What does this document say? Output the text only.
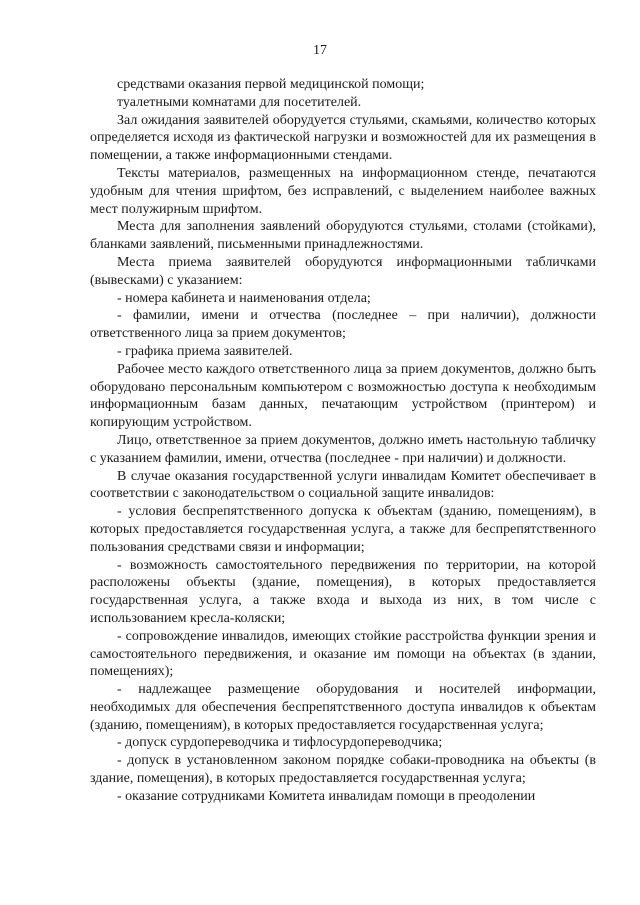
17

средствами оказания первой медицинской помощи;

туалетными комнатами для посетителей.

Зал ожидания заявителей оборудуется стульями, скамьями, количество которых определяется исходя из фактической нагрузки и возможностей для их размещения в помещении, а также информационными стендами.

Тексты материалов, размещенных на информационном стенде, печатаются удобным для чтения шрифтом, без исправлений, с выделением наиболее важных мест полужирным шрифтом.

Места для заполнения заявлений оборудуются стульями, столами (стойками), бланками заявлений, письменными принадлежностями.

Места приема заявителей оборудуются информационными табличками (вывесками) с указанием:

- номера кабинета и наименования отдела;

- фамилии, имени и отчества (последнее – при наличии), должности ответственного лица за прием документов;

- графика приема заявителей.

Рабочее место каждого ответственного лица за прием документов, должно быть оборудовано персональным компьютером с возможностью доступа к необходимым информационным базам данных, печатающим устройством (принтером) и копирующим устройством.

Лицо, ответственное за прием документов, должно иметь настольную табличку с указанием фамилии, имени, отчества (последнее - при наличии) и должности.

В случае оказания государственной услуги инвалидам Комитет обеспечивает в соответствии с законодательством о социальной защите инвалидов:

- условия беспрепятственного допуска к объектам (зданию, помещениям), в которых предоставляется государственная услуга, а также для беспрепятственного пользования средствами связи и информации;

- возможность самостоятельного передвижения по территории, на которой расположены объекты (здание, помещения), в которых предоставляется государственная услуга, а также входа и выхода из них, в том числе с использованием кресла-коляски;

- сопровождение инвалидов, имеющих стойкие расстройства функции зрения и самостоятельного передвижения, и оказание им помощи на объектах (в здании, помещениях);

- надлежащее размещение оборудования и носителей информации, необходимых для обеспечения беспрепятственного доступа инвалидов к объектам (зданию, помещениям), в которых предоставляется государственная услуга;

- допуск сурдопереводчика и тифлосурдопереводчика;

- допуск в установленном законом порядке собаки-проводника на объекты (в здание, помещения), в которых предоставляется государственная услуга;

- оказание сотрудниками Комитета инвалидам помощи в преодолении
